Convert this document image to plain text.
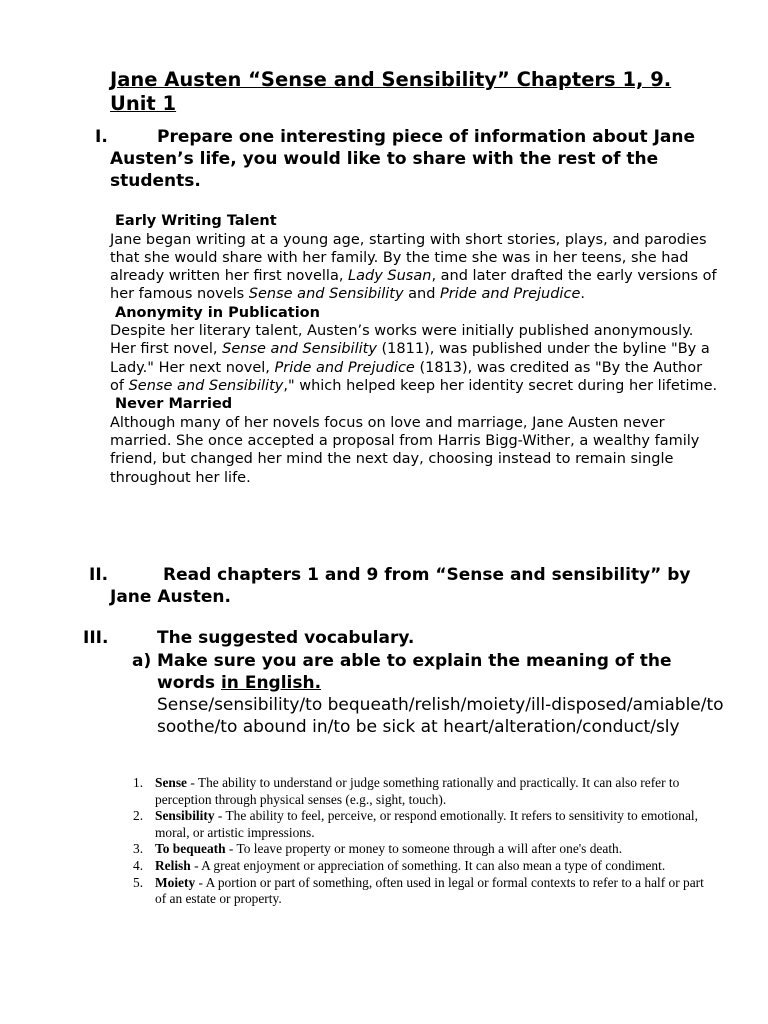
Jane Austen “Sense and Sensibility” Chapters 1, 9.
Unit 1
I.	Prepare one interesting piece of information about Jane Austen’s life, you would like to share with the rest of the students.

Early Writing Talent

Jane began writing at a young age, starting with short stories, plays, and parodies that she would share with her family. By the time she was in her teens, she had already written her first novella, Lady Susan, and later drafted the early versions of her famous novels Sense and Sensibility and Pride and Prejudice.

Anonymity in Publication

Despite her literary talent, Austen’s works were initially published anonymously. Her first novel, Sense and Sensibility (1811), was published under the byline "By a Lady." Her next novel, Pride and Prejudice (1813), was credited as "By the Author of Sense and Sensibility," which helped keep her identity secret during her lifetime.

Never Married

Although many of her novels focus on love and marriage, Jane Austen never married. She once accepted a proposal from Harris Bigg-Wither, a wealthy family friend, but changed her mind the next day, choosing instead to remain single throughout her life.

II.	Read chapters 1 and 9 from “Sense and sensibility” by Jane Austen.

III.	The suggested vocabulary.

a) Make sure you are able to explain the meaning of the words in English.

Sense/sensibility/to bequeath/relish/moiety/ill-disposed/amiable/to soothe/to abound in/to be sick at heart/alteration/conduct/sly

1. Sense - The ability to understand or judge something rationally and practically. It can also refer to perception through physical senses (e.g., sight, touch).
2. Sensibility - The ability to feel, perceive, or respond emotionally. It refers to sensitivity to emotional, moral, or artistic impressions.
3. To bequeath - To leave property or money to someone through a will after one's death.
4. Relish - A great enjoyment or appreciation of something. It can also mean a type of condiment.
5. Moiety - A portion or part of something, often used in legal or formal contexts to refer to a half or part of an estate or property.
